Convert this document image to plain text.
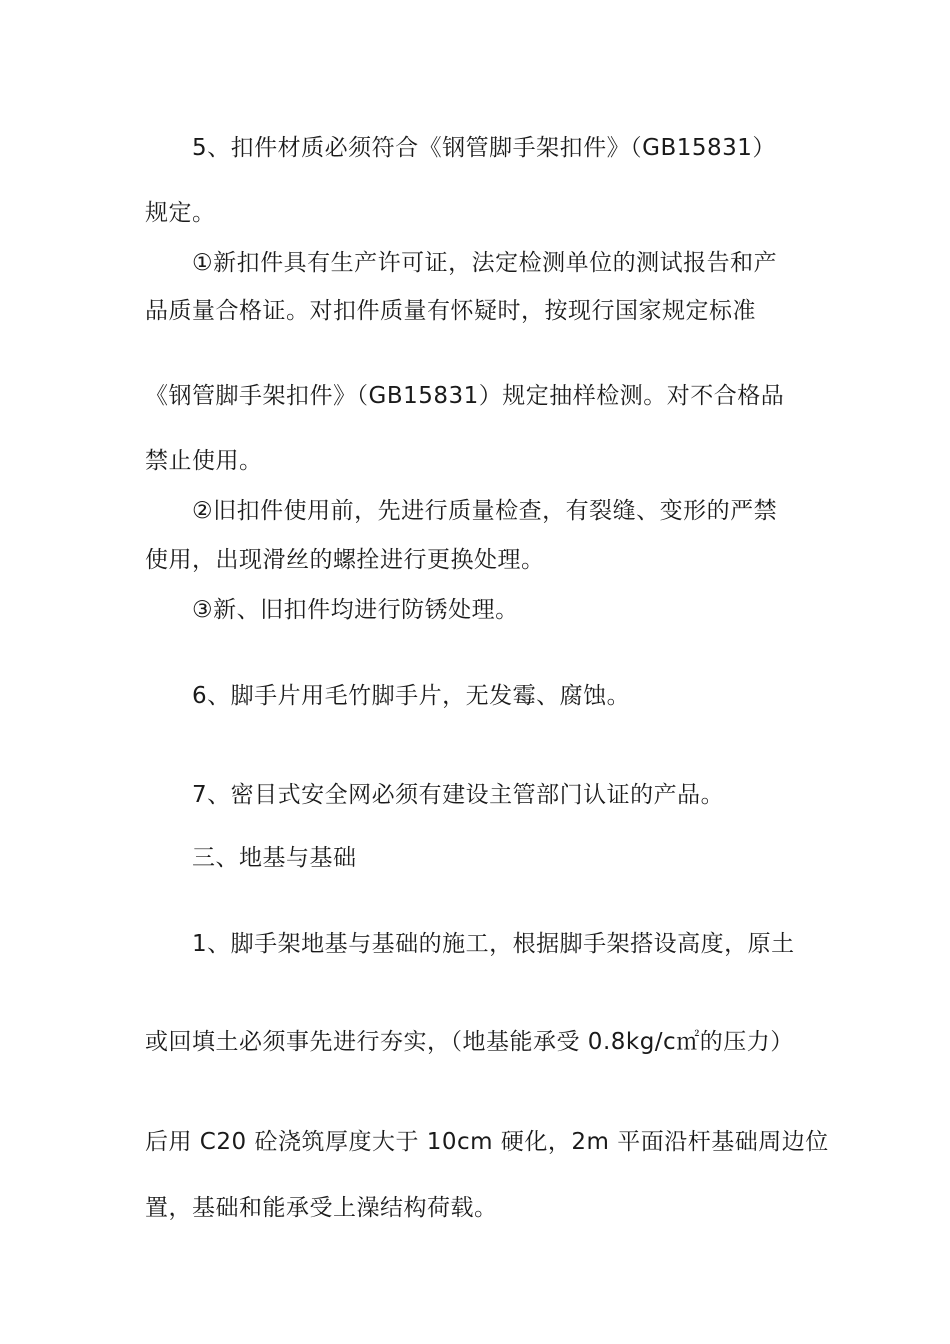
5、扣件材质必须符合《钢管脚手架扣件》（GB15831）
规定。
①新扣件具有生产许可证，法定检测单位的测试报告和产
品质量合格证。对扣件质量有怀疑时，按现行国家规定标准
《钢管脚手架扣件》（GB15831）规定抽样检测。对不合格品
禁止使用。
②旧扣件使用前，先进行质量检查，有裂缝、变形的严禁
使用，出现滑丝的螺拴进行更换处理。
③新、旧扣件均进行防锈处理。
6、脚手片用毛竹脚手片，无发霉、腐蚀。
7、密目式安全网必须有建设主管部门认证的产品。
三、地基与基础
1、脚手架地基与基础的施工，根据脚手架搭设高度，原土
或回填土必须事先进行夯实，（地基能承受 0.8kg/c㎡的压力）
后用 C20 砼浇筑厚度大于 10cm 硬化，2m 平面沿杆基础周边位
置，基础和能承受上澡结构荷载。
